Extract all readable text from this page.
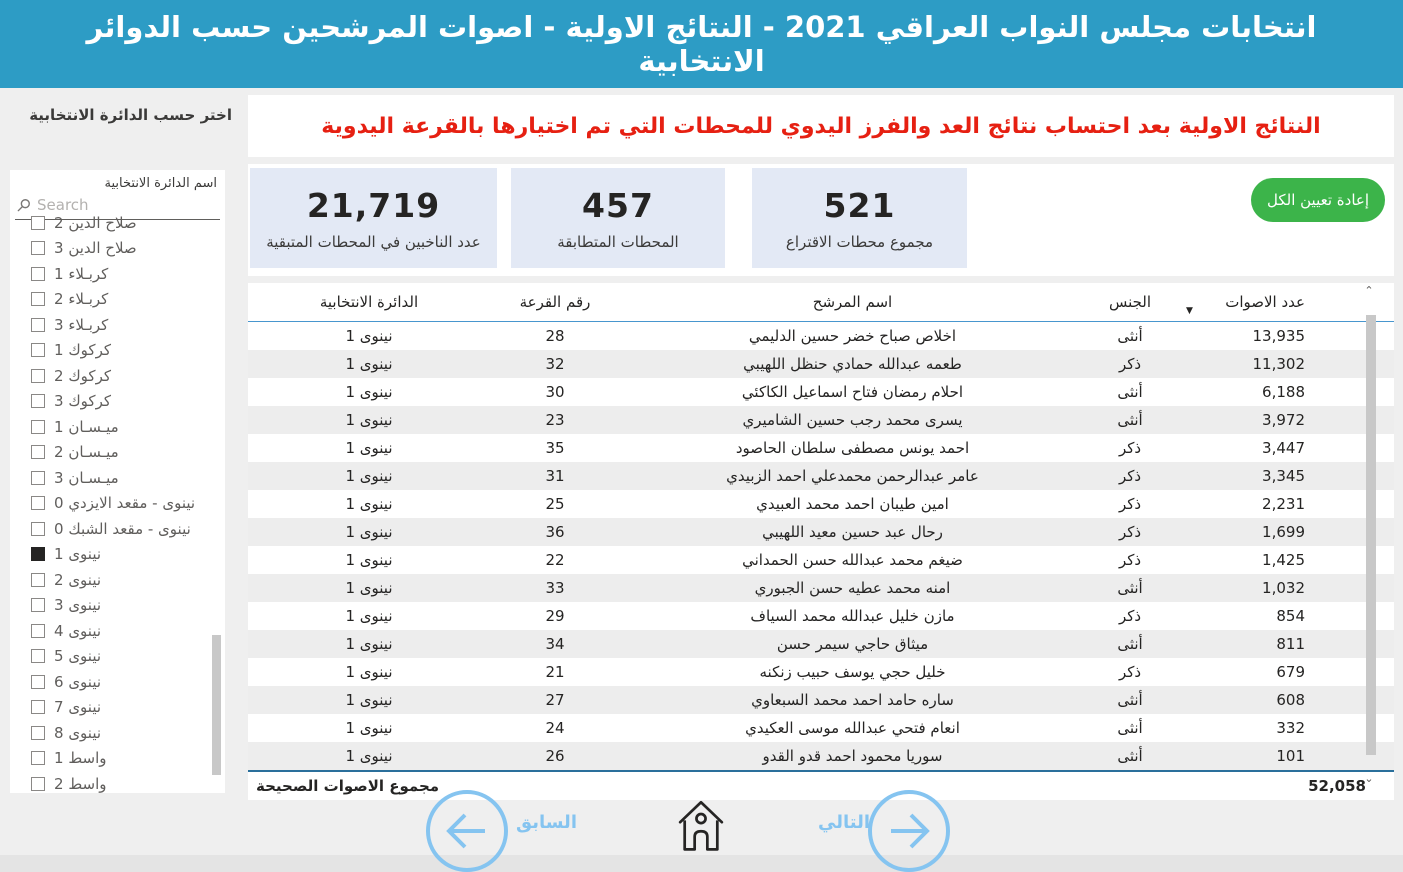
انتخابات مجلس النواب العراقي 2021 - النتائج الاولية - اصوات المرشحين حسب الدوائر الانتخابية
اختر حسب الدائرة الانتخابية
اسم الدائرة الانتخابية
Search
صلاح الدين 2
صلاح الدين 3
كربـلاء 1
كربـلاء 2
كربـلاء 3
كركوك 1
كركوك 2
كركوك 3
ميـسـان 1
ميـسـان 2
ميـسـان 3
نينوى - مقعد الايزدي 0
نينوى - مقعد الشبك 0
نينوى 1
نينوى 2
نينوى 3
نينوى 4
نينوى 5
نينوى 6
نينوى 7
نينوى 8
واسط 1
واسط 2
النتائج الاولية بعد احتساب نتائج العد والفرز اليدوي للمحطات التي تم اختيارها بالقرعة اليدوية
21,719
عدد الناخبين في المحطات المتبقية
457
المحطات المتطابقة
521
مجموع محطات الاقتراع
إعادة تعيين الكل
الدائرة الانتخابية	رقم القرعة	اسم المرشح	الجنس	عدد الاصوات
▼
⌃
نينوى 1	28	اخلاص صباح خضر حسين الدليمي	أنثى	13,935
نينوى 1	32	طعمه عبدالله حمادي حنظل اللهيبي	ذكر	11,302
نينوى 1	30	احلام رمضان فتاح اسماعيل الكاكئي	أنثى	6,188
نينوى 1	23	يسرى محمد رجب حسين الشاميري	أنثى	3,972
نينوى 1	35	احمد يونس مصطفى سلطان الحاصود	ذكر	3,447
نينوى 1	31	عامر عبدالرحمن محمدعلي احمد الزبيدي	ذكر	3,345
نينوى 1	25	امين طيبان احمد محمد العبيدي	ذكر	2,231
نينوى 1	36	رحال عبد حسين معيد اللهيبي	ذكر	1,699
نينوى 1	22	ضيغم محمد عبدالله حسن الحمداني	ذكر	1,425
نينوى 1	33	امنه محمد عطيه حسن الجبوري	أنثى	1,032
نينوى 1	29	مازن خليل عبدالله محمد السياف	ذكر	854
نينوى 1	34	ميثاق حاجي سيمر حسن	أنثى	811
نينوى 1	21	خليل حجي يوسف حبيب زنكنه	ذكر	679
نينوى 1	27	ساره حامد احمد محمد السبعاوي	أنثى	608
نينوى 1	24	انعام فتحي عبدالله موسى العكيدي	أنثى	332
نينوى 1	26	سوريا محمود احمد قدو القدو	أنثى	101
مجموع الاصوات الصحيحة	52,058
⌄
السابق	التالي
